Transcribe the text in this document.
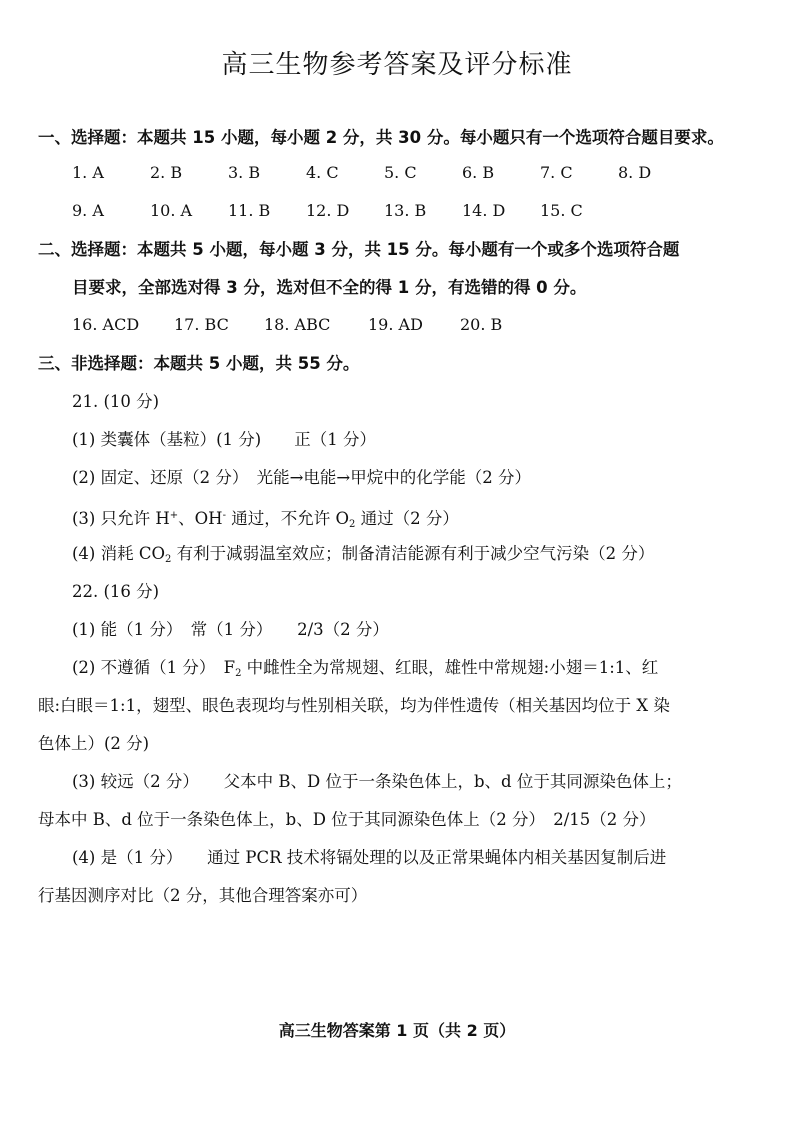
高三生物参考答案及评分标准
一、选择题：本题共 15 小题，每小题 2 分，共 30 分。每小题只有一个选项符合题目要求。
1. A	2. B	3. B	4. C	5. C	6. B	7. C	8. D
9. A	10. A 11. B 12. D 13. B 14. D 15. C
二、选择题：本题共 5 小题，每小题 3 分，共 15 分。每小题有一个或多个选项符合题
目要求，全部选对得 3 分，选对但不全的得 1 分，有选错的得 0 分。
16. ACD 17. BC 18. ABC 19. AD 20. B
三、非选择题：本题共 5 小题，共 55 分。
21. (10 分)
(1) 类囊体（基粒）(1 分)　　正（1 分）
(2) 固定、还原（2 分）　光能→电能→甲烷中的化学能（2 分）
(3) 只允许 H+、OH- 通过，不允许 $O_2$ 通过（2 分）
(4) 消耗 $CO_2$ 有利于减弱温室效应；制备清洁能源有利于减少空气污染（2 分）
22. (16 分)
(1) 能（1 分）　常（1 分）　　2/3（2 分）
(2) 不遵循（1 分）　$F_2$ 中雌性全为常规翅、红眼，雄性中常规翅:小翅＝1:1、红
眼:白眼＝1:1，翅型、眼色表现均与性别相关联，均为伴性遗传（相关基因均位于 X 染
色体上）(2 分)
(3) 较远（2 分）　　父本中 B、D 位于一条染色体上，b、d 位于其同源染色体上；
母本中 B、d 位于一条染色体上，b、D 位于其同源染色体上（2 分）　2/15（2 分）
(4) 是（1 分）　　通过 PCR 技术将镉处理的以及正常果蝇体内相关基因复制后进
行基因测序对比（2 分，其他合理答案亦可）
高三生物答案第 1 页（共 2 页）
